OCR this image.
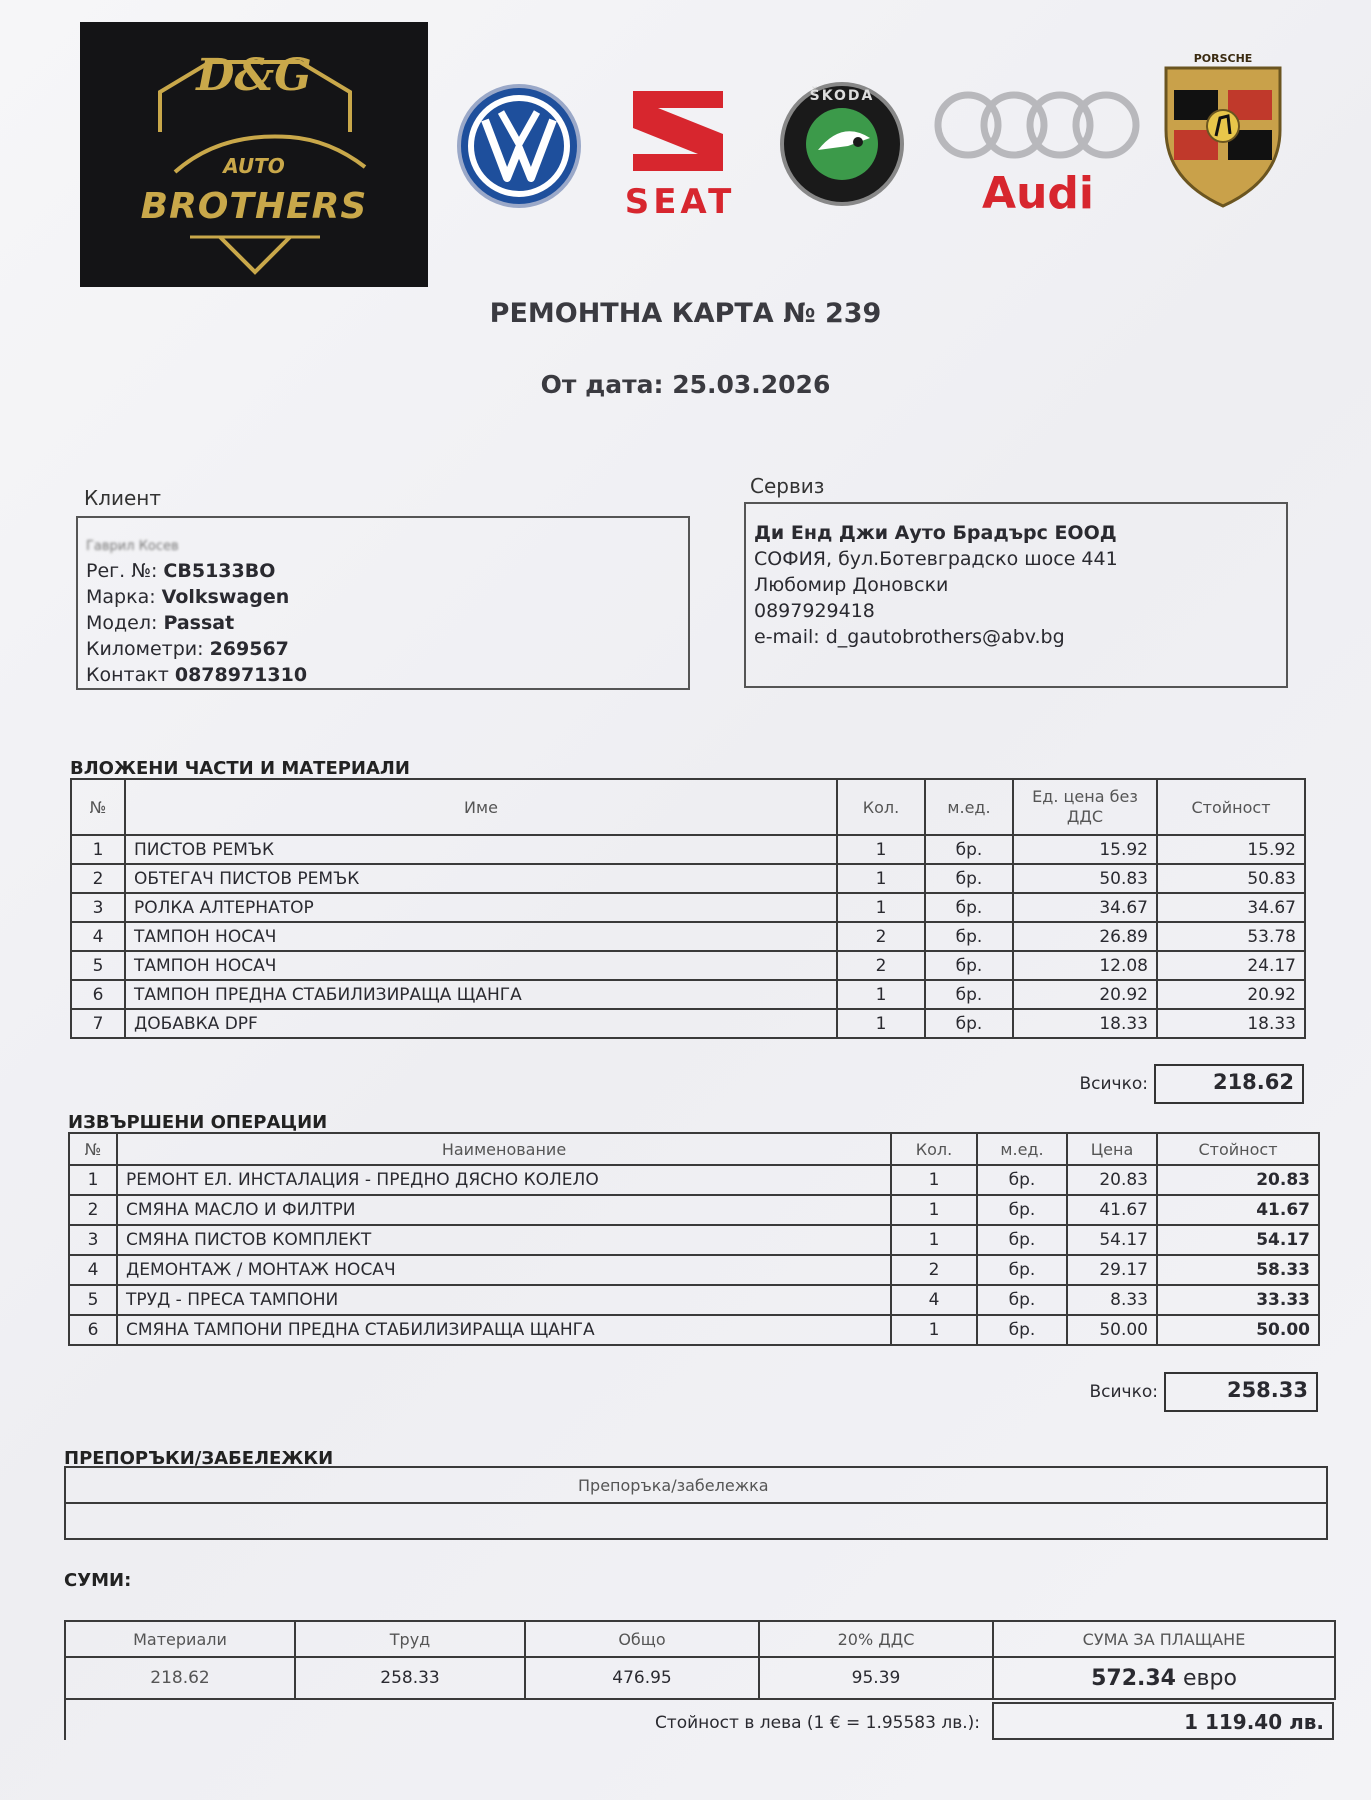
D&G
AUTO
BROTHERS	SEAT
ŠKODA
Audi
PORSCHE
РЕМОНТНА КАРТА № 239
От дата: 25.03.2026
Клиент
Гаврил Косев
Рег. №: СВ5133ВО
Марка: Volkswagen
Модел: Passat
Километри: 269567
Контакт 0878971310
Сервиз
Ди Енд Джи Ауто Брадърс ЕООД
СОФИЯ, бул.Ботевградско шосе 441
Любомир Доновски
0897929418
e-mail: d_gautobrothers@abv.bg
ВЛОЖЕНИ ЧАСТИ И МАТЕРИАЛИ
№	Име	Кол.	м.ед.	Ед. цена без ДДС	Стойност
1	ПИСТОВ РЕМЪК	1	бр.	15.92	15.92
2	ОБТЕГАЧ ПИСТОВ РЕМЪК	1	бр.	50.83	50.83
3	РОЛКА АЛТЕРНАТОР	1	бр.	34.67	34.67
4	ТАМПОН НОСАЧ	2	бр.	26.89	53.78
5	ТАМПОН НОСАЧ	2	бр.	12.08	24.17
6	ТАМПОН ПРЕДНА СТАБИЛИЗИРАЩА ЩАНГА	1	бр.	20.92	20.92
7	ДОБАВКА DPF	1	бр.	18.33	18.33
Всичко:	218.62
ИЗВЪРШЕНИ ОПЕРАЦИИ
№	Наименование	Кол.	м.ед.	Цена	Стойност
1	РЕМОНТ ЕЛ. ИНСТАЛАЦИЯ - ПРЕДНО ДЯСНО КОЛЕЛО	1	бр.	20.83	20.83
2	СМЯНА МАСЛО И ФИЛТРИ	1	бр.	41.67	41.67
3	СМЯНА ПИСТОВ КОМПЛЕКТ	1	бр.	54.17	54.17
4	ДЕМОНТАЖ / МОНТАЖ НОСАЧ	2	бр.	29.17	58.33
5	ТРУД - ПРЕСА ТАМПОНИ	4	бр.	8.33	33.33
6	СМЯНА ТАМПОНИ ПРЕДНА СТАБИЛИЗИРАЩА ЩАНГА	1	бр.	50.00	50.00
Всичко:	258.33
ПРЕПОРЪКИ/ЗАБЕЛЕЖКИ
Препоръка/забележка

СУМИ:
Материали	Труд	Общо	20% ДДС	СУМА ЗА ПЛАЩАНЕ
218.62	258.33	476.95	95.39	572.34 евро
Стойност в лева (1 € = 1.95583 лв.):	1 119.40 лв.
